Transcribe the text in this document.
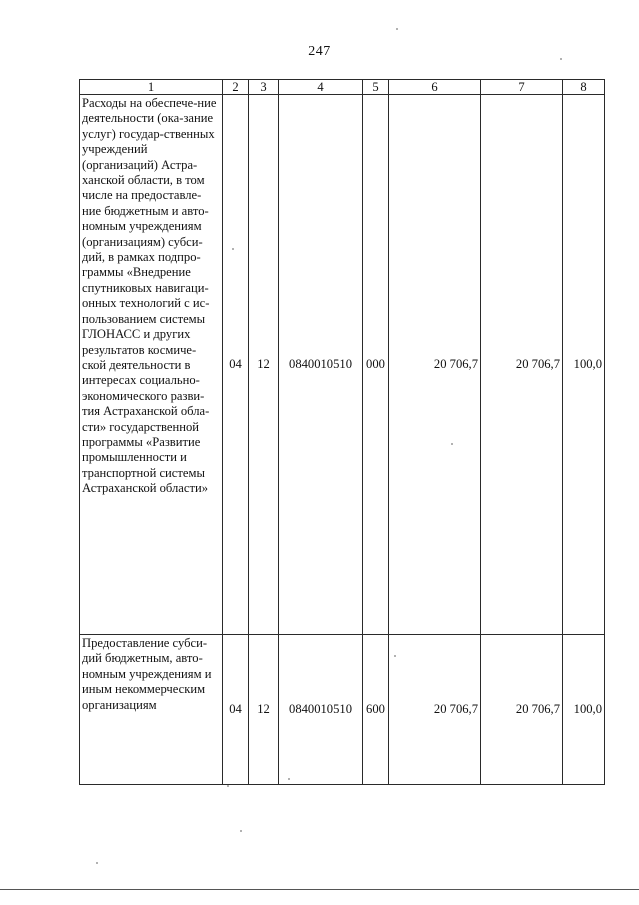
247
1	2	3	4	5	6	7	8
Расходы на обеспече-ние деятельности (ока-зание услуг) государ-ственных учреждений (организаций) Астра-ханской области, в том числе на предоставле-ние бюджетным и авто-номным учреждениям (организациям) субси-дий, в рамках подпро-граммы «Внедрение спутниковых навигаци-онных технологий с ис-пользованием системы ГЛОНАСС и других результатов космиче-ской деятельности в интересах социально-экономического разви-тия Астраханской обла-сти» государственной программы «Развитие промышленности и транспортной системы Астраханской области»	04	12	0840010510	000	20 706,7	20 706,7	100,0
Предоставление субси-дий бюджетным, авто-номным учреждениям и иным некоммерческим организациям	04	12	0840010510	600	20 706,7	20 706,7	100,0
